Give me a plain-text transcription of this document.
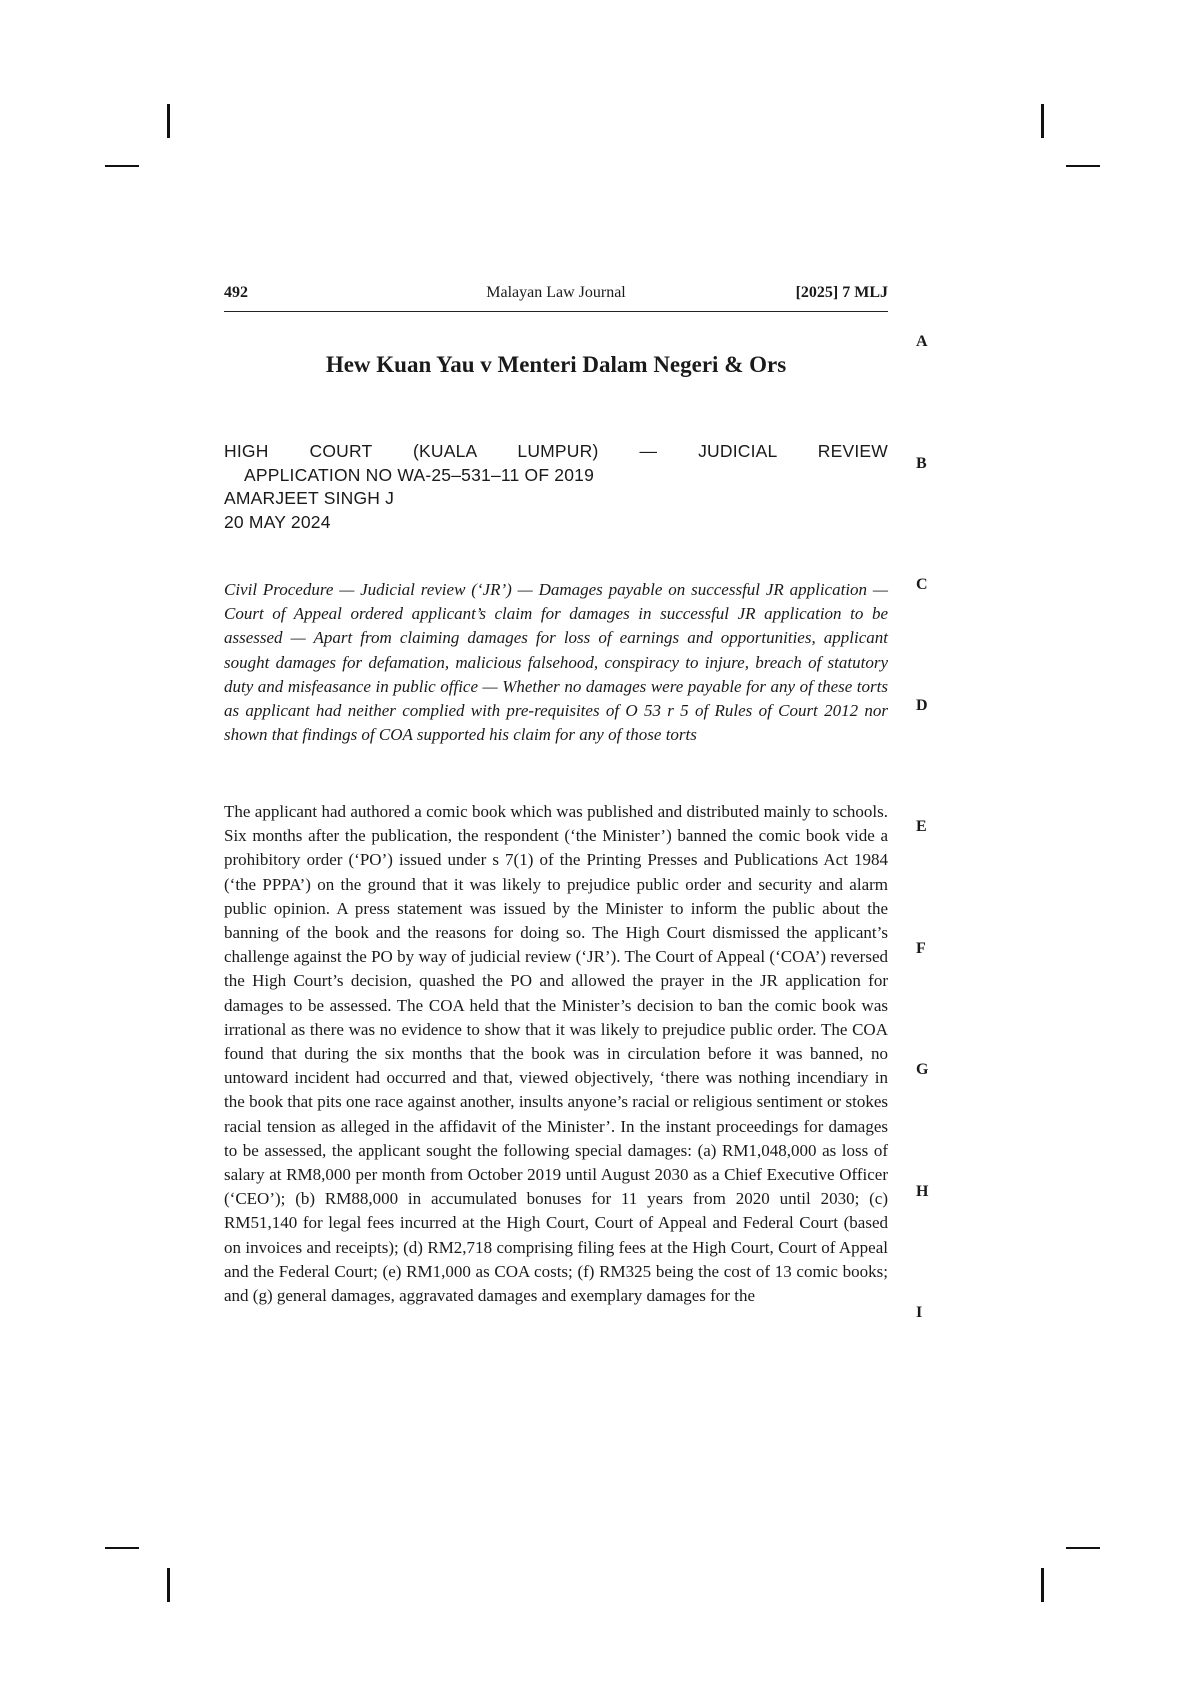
492	Malayan Law Journal	[2025] 7 MLJ
A
B
C
D
E
F
G
H
I
Hew Kuan Yau v Menteri Dalam Negeri & Ors
HIGH COURT (KUALA LUMPUR) — JUDICIAL REVIEW
APPLICATION NO WA-25–531–11 OF 2019
AMARJEET SINGH J
20 MAY 2024

Civil Procedure — Judicial review (‘JR’) — Damages payable on successful JR application — Court of Appeal ordered applicant’s claim for damages in successful JR application to be assessed — Apart from claiming damages for loss of earnings and opportunities, applicant sought damages for defamation, malicious falsehood, conspiracy to injure, breach of statutory duty and misfeasance in public office — Whether no damages were payable for any of these torts as applicant had neither complied with pre-requisites of O 53 r 5 of Rules of Court 2012 nor shown that findings of COA supported his claim for any of those torts

The applicant had authored a comic book which was published and distributed mainly to schools. Six months after the publication, the respondent (‘the Minister’) banned the comic book vide a prohibitory order (‘PO’) issued under s 7(1) of the Printing Presses and Publications Act 1984 (‘the PPPA’) on the ground that it was likely to prejudice public order and security and alarm public opinion. A press statement was issued by the Minister to inform the public about the banning of the book and the reasons for doing so. The High Court dismissed the applicant’s challenge against the PO by way of judicial review (‘JR’). The Court of Appeal (‘COA’) reversed the High Court’s decision, quashed the PO and allowed the prayer in the JR application for damages to be assessed. The COA held that the Minister’s decision to ban the comic book was irrational as there was no evidence to show that it was likely to prejudice public order. The COA found that during the six months that the book was in circulation before it was banned, no untoward incident had occurred and that, viewed objectively, ‘there was nothing incendiary in the book that pits one race against another, insults anyone’s racial or religious sentiment or stokes racial tension as alleged in the affidavit of the Minister’. In the instant proceedings for damages to be assessed, the applicant sought the following special damages: (a) RM1,048,000 as loss of salary at RM8,000 per month from October 2019 until August 2030 as a Chief Executive Officer (‘CEO’); (b) RM88,000 in accumulated bonuses for 11 years from 2020 until 2030; (c) RM51,140 for legal fees incurred at the High Court, Court of Appeal and Federal Court (based on invoices and receipts); (d) RM2,718 comprising filing fees at the High Court, Court of Appeal and the Federal Court; (e) RM1,000 as COA costs; (f) RM325 being the cost of 13 comic books; and (g) general damages, aggravated damages and exemplary damages for the
